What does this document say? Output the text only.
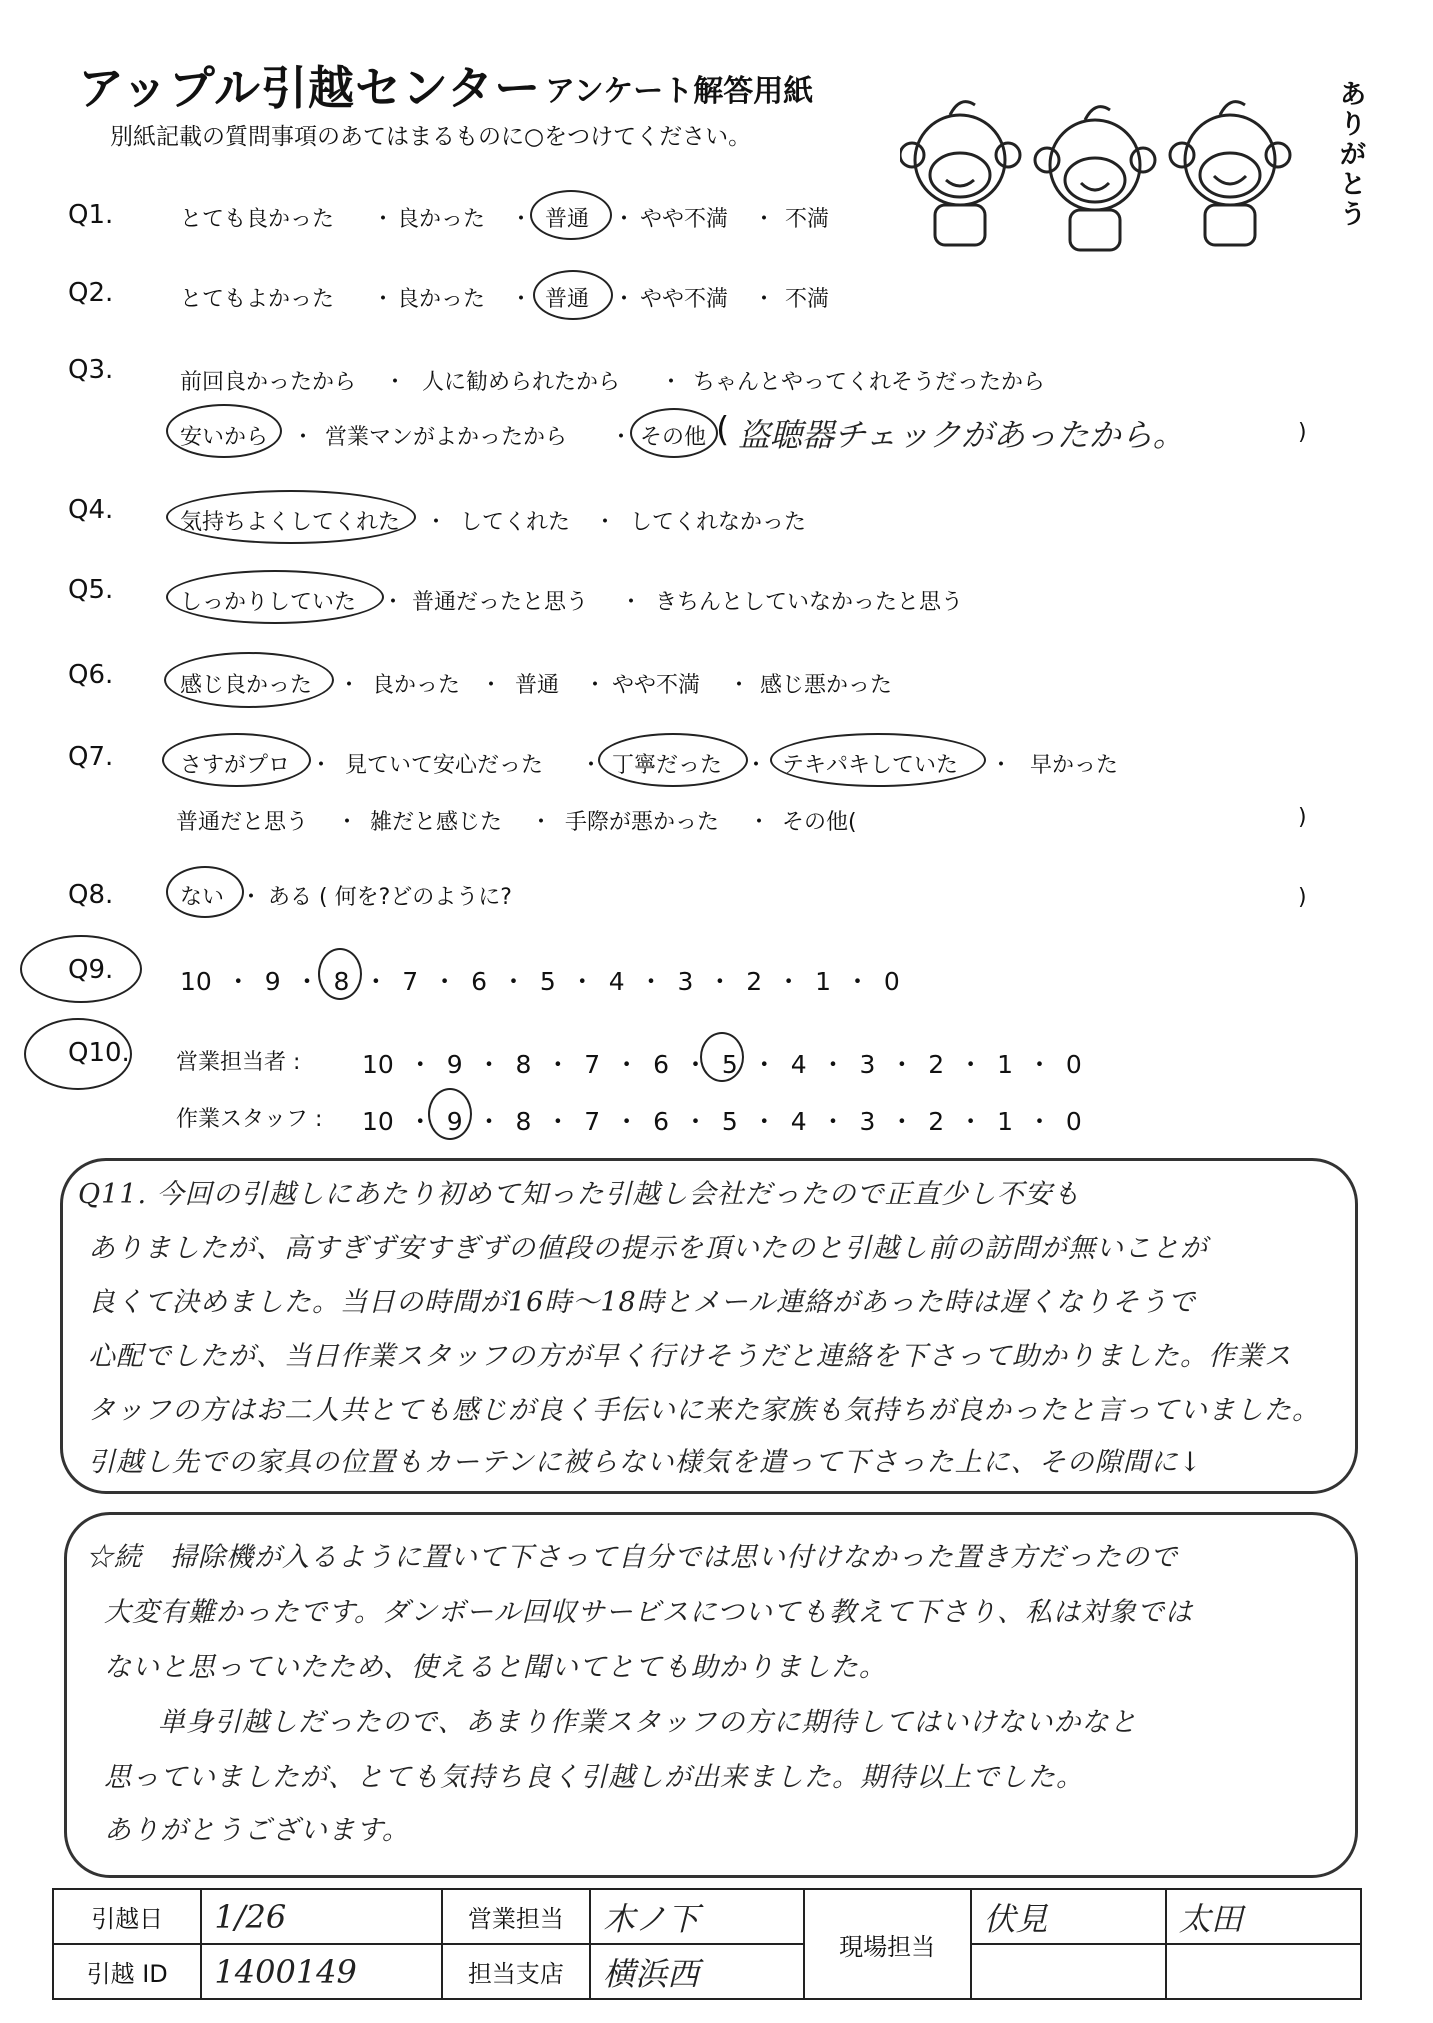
アップル引越センター アンケート解答用紙
別紙記載の質問事項のあてはまるものに○をつけてください。
ありがとう
Q1.	とても良かった ・ 良かった ・ 普通 ・ やや不満 ・ 不満
Q2.	とてもよかった ・ 良かった ・ 普通 ・ やや不満 ・ 不満
Q3.	前回良かったから ・ 人に勧められたから ・ ちゃんとやってくれそうだったから
安いから ・ 営業マンがよかったから ・ その他 ( 盗聴器チェックがあったから。	)
Q4.	気持ちよくしてくれた ・ してくれた ・ してくれなかった
Q5.	しっかりしていた ・ 普通だったと思う ・ きちんとしていなかったと思う
Q6.	感じ良かった ・ 良かった ・ 普通 ・ やや不満 ・ 感じ悪かった
Q7.	さすがプロ ・ 見ていて安心だった ・ 丁寧だった ・ テキパキしていた ・ 早かった
普通だと思う ・ 雑だと感じた ・ 手際が悪かった ・ その他(	)
Q8.	ない ・ ある ( 何を?どのように?	)
Q9.	10 ・ 9 ・ 8 ・ 7 ・ 6 ・ 5 ・ 4 ・ 3 ・ 2 ・ 1 ・ 0
Q10. 営業担当者 : 10 ・ 9 ・ 8 ・ 7 ・ 6 ・ 5 ・ 4 ・ 3 ・ 2 ・ 1 ・ 0
作業スタッフ : 10 ・ 9 ・ 8 ・ 7 ・ 6 ・ 5 ・ 4 ・ 3 ・ 2 ・ 1 ・ 0
Q11. 今回の引越しにあたり初めて知った引越し会社だったので正直少し不安も
ありましたが、高すぎず安すぎずの値段の提示を頂いたのと引越し前の訪問が無いことが
良くて決めました。当日の時間が16時〜18時とメール連絡があった時は遅くなりそうで
心配でしたが、当日作業スタッフの方が早く行けそうだと連絡を下さって助かりました。作業ス
タッフの方はお二人共とても感じが良く手伝いに来た家族も気持ちが良かったと言っていました。
引越し先での家具の位置もカーテンに被らない様気を遣って下さった上に、その隙間に↓
☆続　掃除機が入るように置いて下さって自分では思い付けなかった置き方だったので
大変有難かったです。ダンボール回収サービスについても教えて下さり、私は対象では
ないと思っていたため、使えると聞いてとても助かりました。
　単身引越しだったので、あまり作業スタッフの方に期待してはいけないかなと
思っていましたが、とても気持ち良く引越しが出来ました。期待以上でした。
ありがとうございます。
引越日	1/26	営業担当	木ノ下	現場担当	伏見	太田
引越 ID	1400149	担当支店	横浜西			
